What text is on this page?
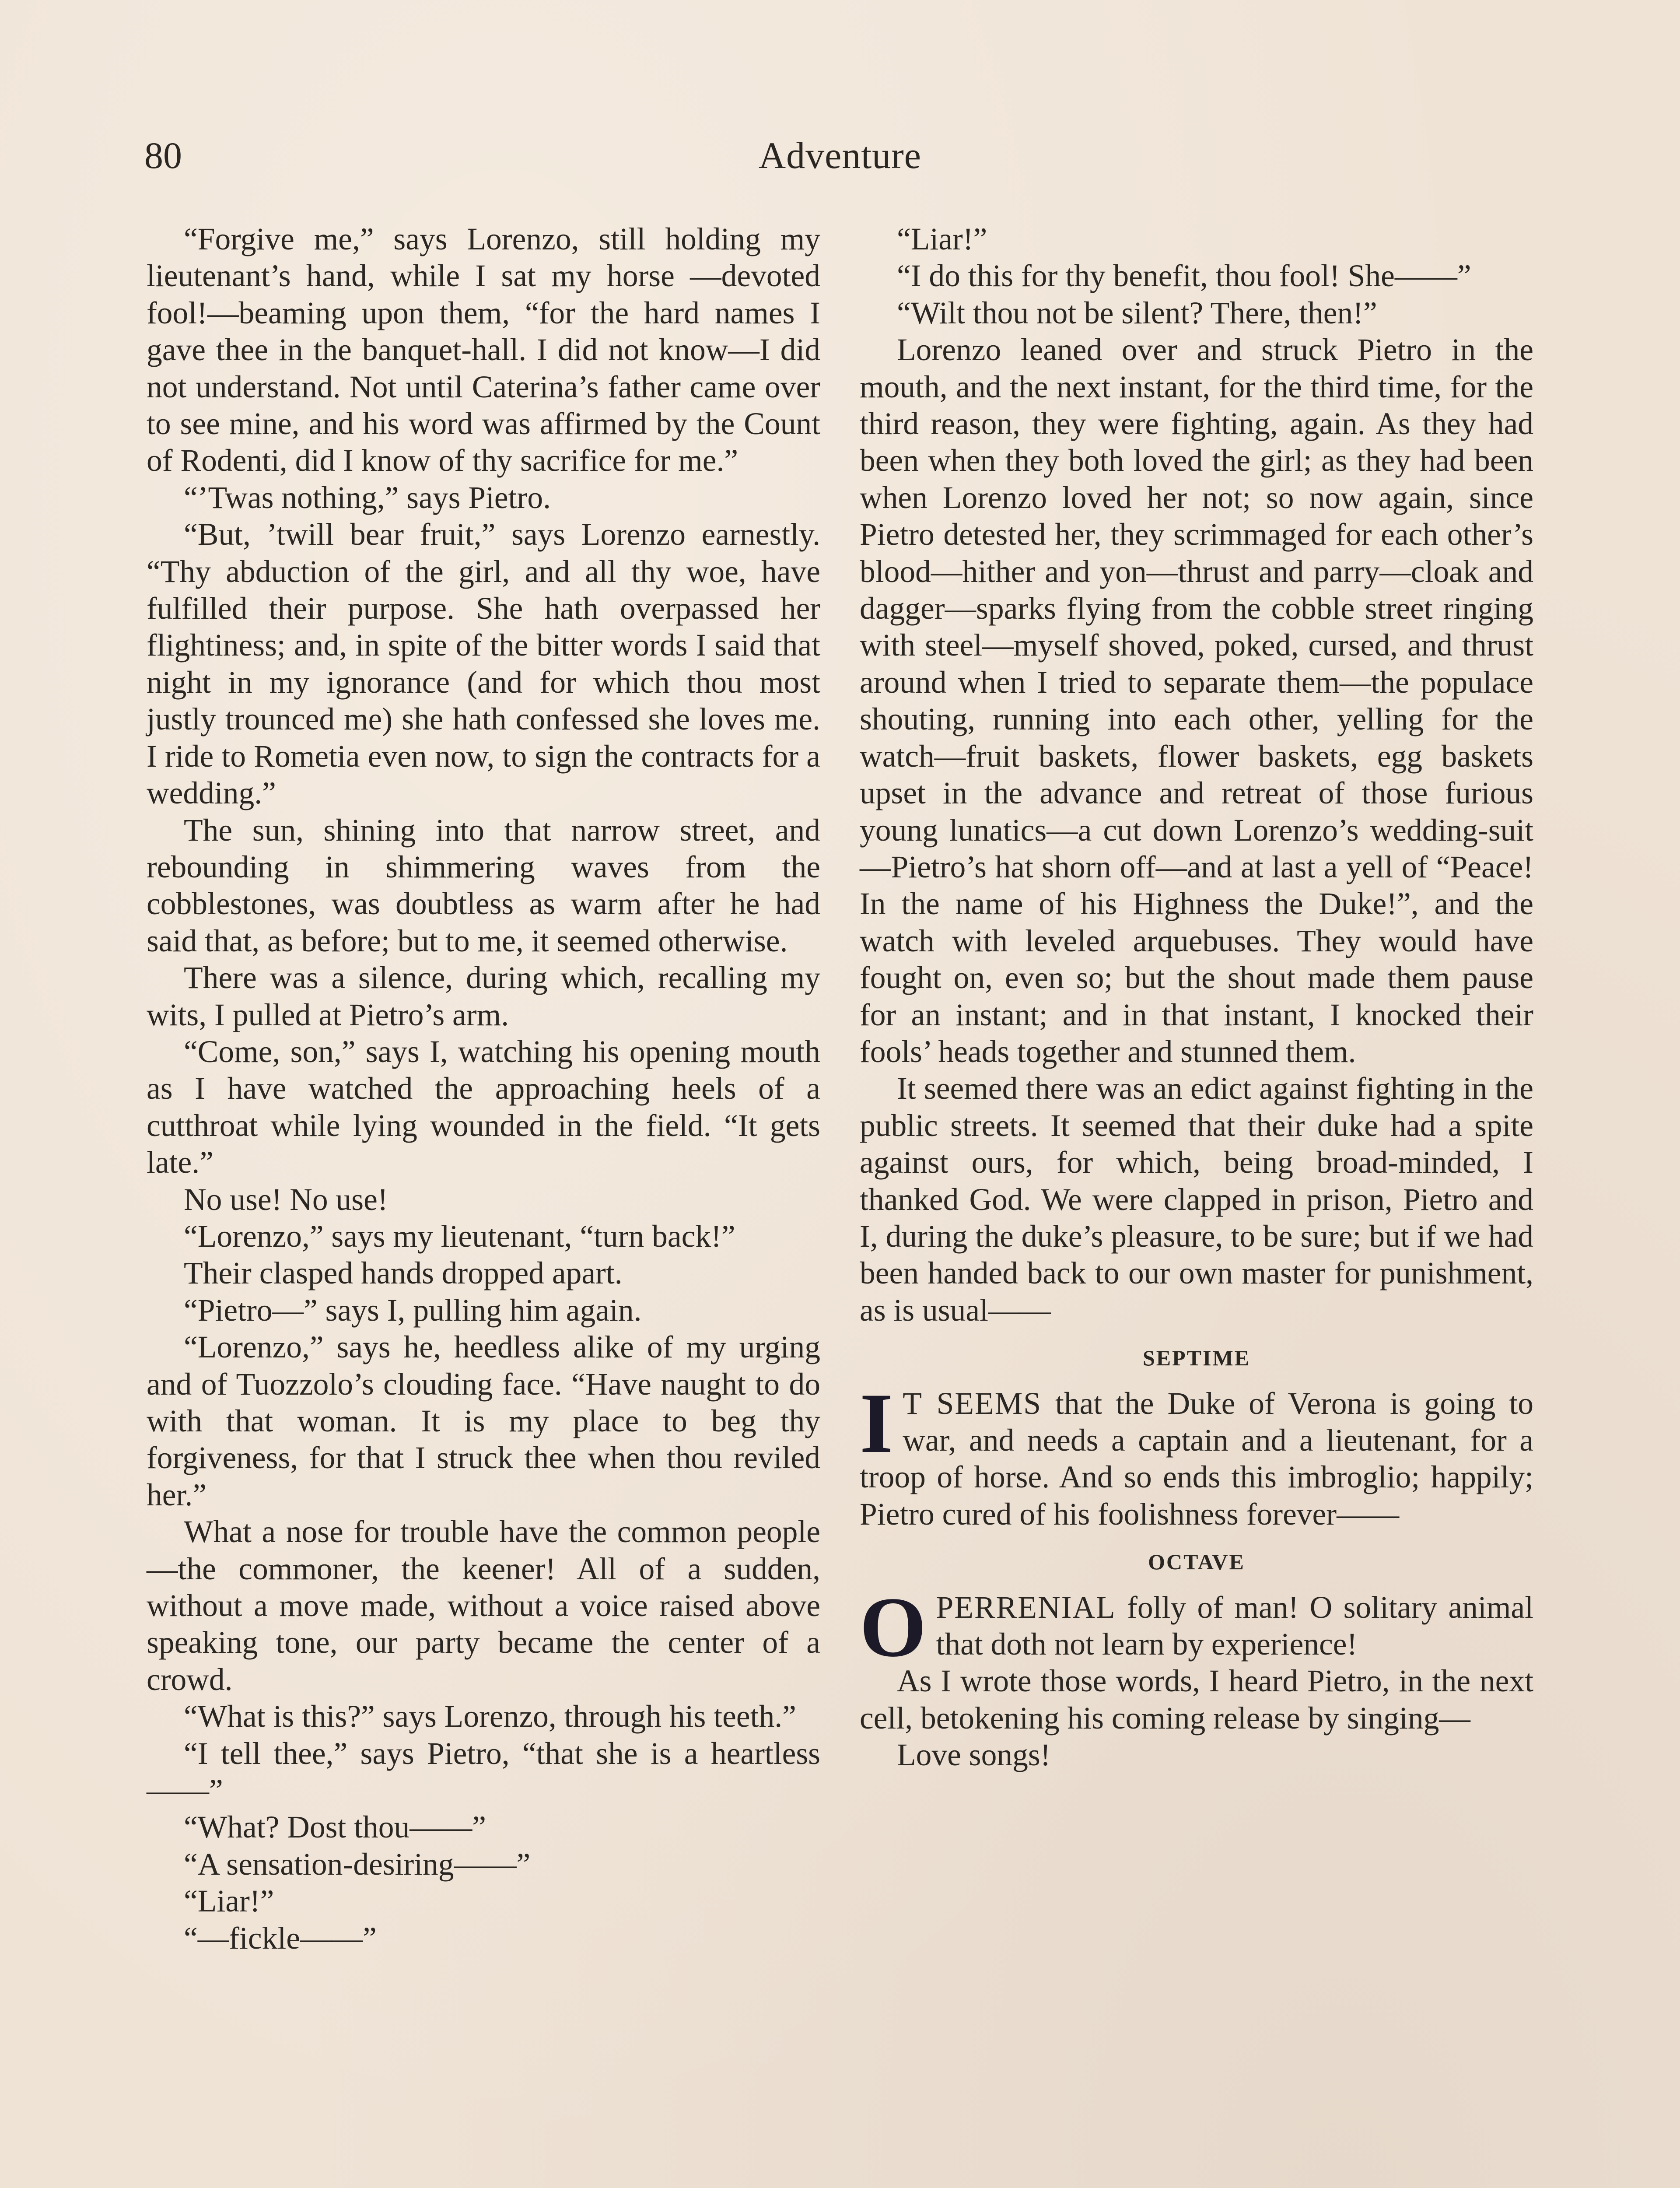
80	Adventure

“Forgive me,” says Lorenzo, still holding my lieutenant’s hand, while I sat my horse —devoted fool!—beaming upon them, “for the hard names I gave thee in the banquet-hall. I did not know—I did not understand. Not until Caterina’s father came over to see mine, and his word was affirmed by the Count of Rodenti, did I know of thy sacrifice for me.”

“’Twas nothing,” says Pietro.

“But, ’twill bear fruit,” says Lorenzo earnestly. “Thy abduction of the girl, and all thy woe, have fulfilled their purpose. She hath overpassed her flightiness; and, in spite of the bitter words I said that night in my ignorance (and for which thou most justly trounced me) she hath confessed she loves me. I ride to Rometia even now, to sign the contracts for a wedding.”

The sun, shining into that narrow street, and rebounding in shimmering waves from the cobblestones, was doubtless as warm after he had said that, as before; but to me, it seemed otherwise.

There was a silence, during which, recalling my wits, I pulled at Pietro’s arm.

“Come, son,” says I, watching his opening mouth as I have watched the approaching heels of a cutthroat while lying wounded in the field. “It gets late.”

No use! No use!

“Lorenzo,” says my lieutenant, “turn back!”

Their clasped hands dropped apart.

“Pietro—” says I, pulling him again.

“Lorenzo,” says he, heedless alike of my urging and of Tuozzolo’s clouding face. “Have naught to do with that woman. It is my place to beg thy forgiveness, for that I struck thee when thou reviled her.”

What a nose for trouble have the common people—the commoner, the keener! All of a sudden, without a move made, without a voice raised above speaking tone, our party became the center of a crowd.

“What is this?” says Lorenzo, through his teeth.”

“I tell thee,” says Pietro, “that she is a heartless——”

“What? Dost thou——”

“A sensation-desiring——”

“Liar!”

“—fickle——”

“Liar!”

“I do this for thy benefit, thou fool! She——”

“Wilt thou not be silent? There, then!”

Lorenzo leaned over and struck Pietro in the mouth, and the next instant, for the third time, for the third reason, they were fighting, again. As they had been when they both loved the girl; as they had been when Lorenzo loved her not; so now again, since Pietro detested her, they scrimmaged for each other’s blood—hither and yon—thrust and parry—cloak and dagger—sparks flying from the cobble street ringing with steel—myself shoved, poked, cursed, and thrust around when I tried to separate them—the populace shouting, running into each other, yelling for the watch—fruit baskets, flower baskets, egg baskets upset in the advance and retreat of those furious young lunatics—a cut down Lorenzo’s wedding-suit—Pietro’s hat shorn off—and at last a yell of “Peace! In the name of his Highness the Duke!”, and the watch with leveled arquebuses. They would have fought on, even so; but the shout made them pause for an instant; and in that instant, I knocked their fools’ heads together and stunned them.

It seemed there was an edict against fighting in the public streets. It seemed that their duke had a spite against ours, for which, being broad-minded, I thanked God. We were clapped in prison, Pietro and I, during the duke’s pleasure, to be sure; but if we had been handed back to our own master for punishment, as is usual——

SEPTIME

I T SEEMS that the Duke of Verona is going to war, and needs a captain and a lieutenant, for a troop of horse. And so ends this imbroglio; happily; Pietro cured of his foolishness forever——

OCTAVE

O PERRENIAL folly of man! O solitary animal that doth not learn by experience!

As I wrote those words, I heard Pietro, in the next cell, betokening his coming release by singing—

Love songs!
